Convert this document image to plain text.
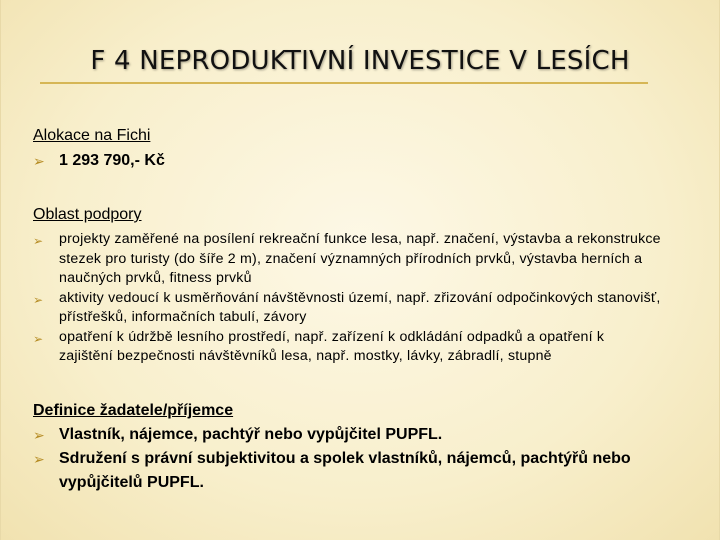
F 4 NEPRODUKTIVNÍ INVESTICE V LESÍCH
Alokace na Fichi
➢ 1 293 790,- Kč
Oblast podpory
➢ projekty zaměřené na posílení rekreační funkce lesa, např. značení, výstavba a rekonstrukce stezek pro turisty (do šíře 2 m), značení významných přírodních prvků, výstavba herních a naučných prvků, fitness prvků
➢ aktivity vedoucí k usměrňování návštěvnosti území, např. zřizování odpočinkových stanovišť, přístřešků, informačních tabulí, závory
➢ opatření k údržbě lesního prostředí, např. zařízení k odkládání odpadků a opatření k zajištění bezpečnosti návštěvníků lesa, např. mostky, lávky, zábradlí, stupně
Definice žadatele/příjemce
➢ Vlastník, nájemce, pachtýř nebo vypůjčitel PUPFL.
➢ Sdružení s právní subjektivitou a spolek vlastníků, nájemců, pachtýřů nebo vypůjčitelů PUPFL.
